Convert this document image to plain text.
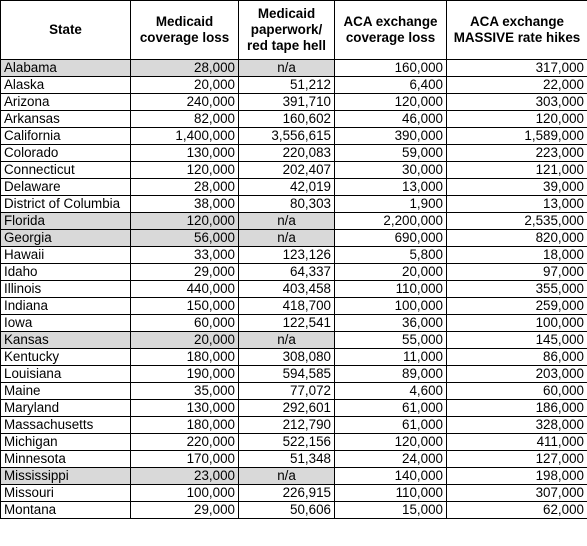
State	Medicaid coverage loss	Medicaid paperwork/ red tape hell	ACA exchange coverage loss	ACA exchange MASSIVE rate hikes
Alabama	28,000	n/a	160,000	317,000
Alaska	20,000	51,212	6,400	22,000
Arizona	240,000	391,710	120,000	303,000
Arkansas	82,000	160,602	46,000	120,000
California	1,400,000	3,556,615	390,000	1,589,000
Colorado	130,000	220,083	59,000	223,000
Connecticut	120,000	202,407	30,000	121,000
Delaware	28,000	42,019	13,000	39,000
District of Columbia	38,000	80,303	1,900	13,000
Florida	120,000	n/a	2,200,000	2,535,000
Georgia	56,000	n/a	690,000	820,000
Hawaii	33,000	123,126	5,800	18,000
Idaho	29,000	64,337	20,000	97,000
Illinois	440,000	403,458	110,000	355,000
Indiana	150,000	418,700	100,000	259,000
Iowa	60,000	122,541	36,000	100,000
Kansas	20,000	n/a	55,000	145,000
Kentucky	180,000	308,080	11,000	86,000
Louisiana	190,000	594,585	89,000	203,000
Maine	35,000	77,072	4,600	60,000
Maryland	130,000	292,601	61,000	186,000
Massachusetts	180,000	212,790	61,000	328,000
Michigan	220,000	522,156	120,000	411,000
Minnesota	170,000	51,348	24,000	127,000
Mississippi	23,000	n/a	140,000	198,000
Missouri	100,000	226,915	110,000	307,000
Montana	29,000	50,606	15,000	62,000
